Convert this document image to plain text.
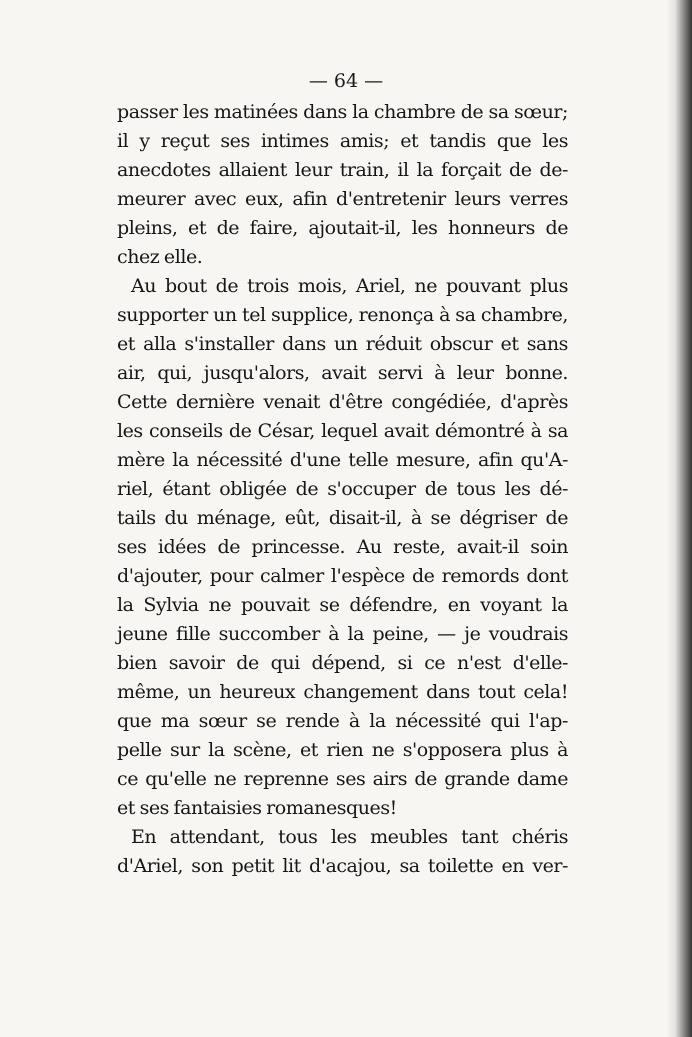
— 64 —
passer les matinées dans la chambre de sa sœur;
il y reçut ses intimes amis; et tandis que les
anecdotes allaient leur train, il la forçait de de-
meurer avec eux, afin d'entretenir leurs verres
pleins, et de faire, ajoutait-il, les honneurs de
chez elle.
Au bout de trois mois, Ariel, ne pouvant plus
supporter un tel supplice, renonça à sa chambre,
et alla s'installer dans un réduit obscur et sans
air, qui, jusqu'alors, avait servi à leur bonne.
Cette dernière venait d'être congédiée, d'après
les conseils de César, lequel avait démontré à sa
mère la nécessité d'une telle mesure, afin qu'A-
riel, étant obligée de s'occuper de tous les dé-
tails du ménage, eût, disait-il, à se dégriser de
ses idées de princesse. Au reste, avait-il soin
d'ajouter, pour calmer l'espèce de remords dont
la Sylvia ne pouvait se défendre, en voyant la
jeune fille succomber à la peine, — je voudrais
bien savoir de qui dépend, si ce n'est d'elle-
même, un heureux changement dans tout cela!
que ma sœur se rende à la nécessité qui l'ap-
pelle sur la scène, et rien ne s'opposera plus à
ce qu'elle ne reprenne ses airs de grande dame
et ses fantaisies romanesques!
En attendant, tous les meubles tant chéris
d'Ariel, son petit lit d'acajou, sa toilette en ver-
